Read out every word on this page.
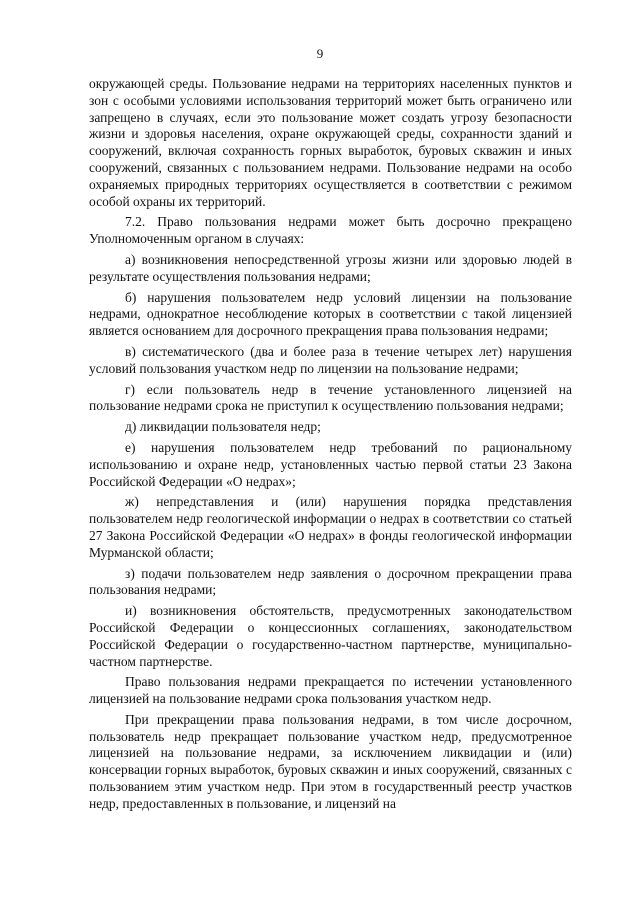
9

окружающей среды. Пользование недрами на территориях населенных пунктов и зон с особыми условиями использования территорий может быть ограничено или запрещено в случаях, если это пользование может создать угрозу безопасности жизни и здоровья населения, охране окружающей среды, сохранности зданий и сооружений, включая сохранность горных выработок, буровых скважин и иных сооружений, связанных с пользованием недрами. Пользование недрами на особо охраняемых природных территориях осуществляется в соответствии с режимом особой охраны их территорий.

7.2. Право пользования недрами может быть досрочно прекращено Уполномоченным органом в случаях:

а) возникновения непосредственной угрозы жизни или здоровью людей в результате осуществления пользования недрами;

б) нарушения пользователем недр условий лицензии на пользование недрами, однократное несоблюдение которых в соответствии с такой лицензией является основанием для досрочного прекращения права пользования недрами;

в) систематического (два и более раза в течение четырех лет) нарушения условий пользования участком недр по лицензии на пользование недрами;

г) если пользователь недр в течение установленного лицензией на пользование недрами срока не приступил к осуществлению пользования недрами;

д) ликвидации пользователя недр;

е) нарушения пользователем недр требований по рациональному использованию и охране недр, установленных частью первой статьи 23 Закона Российской Федерации «О недрах»;

ж) непредставления и (или) нарушения порядка представления пользователем недр геологической информации о недрах в соответствии со статьей 27 Закона Российской Федерации «О недрах» в фонды геологической информации Мурманской области;

з) подачи пользователем недр заявления о досрочном прекращении права пользования недрами;

и) возникновения обстоятельств, предусмотренных законодательством Российской Федерации о концессионных соглашениях, законодательством Российской Федерации о государственно-частном партнерстве, муниципально-частном партнерстве.

Право пользования недрами прекращается по истечении установленного лицензией на пользование недрами срока пользования участком недр.

При прекращении права пользования недрами, в том числе досрочном, пользователь недр прекращает пользование участком недр, предусмотренное лицензией на пользование недрами, за исключением ликвидации и (или) консервации горных выработок, буровых скважин и иных сооружений, связанных с пользованием этим участком недр. При этом в государственный реестр участков недр, предоставленных в пользование, и лицензий на
